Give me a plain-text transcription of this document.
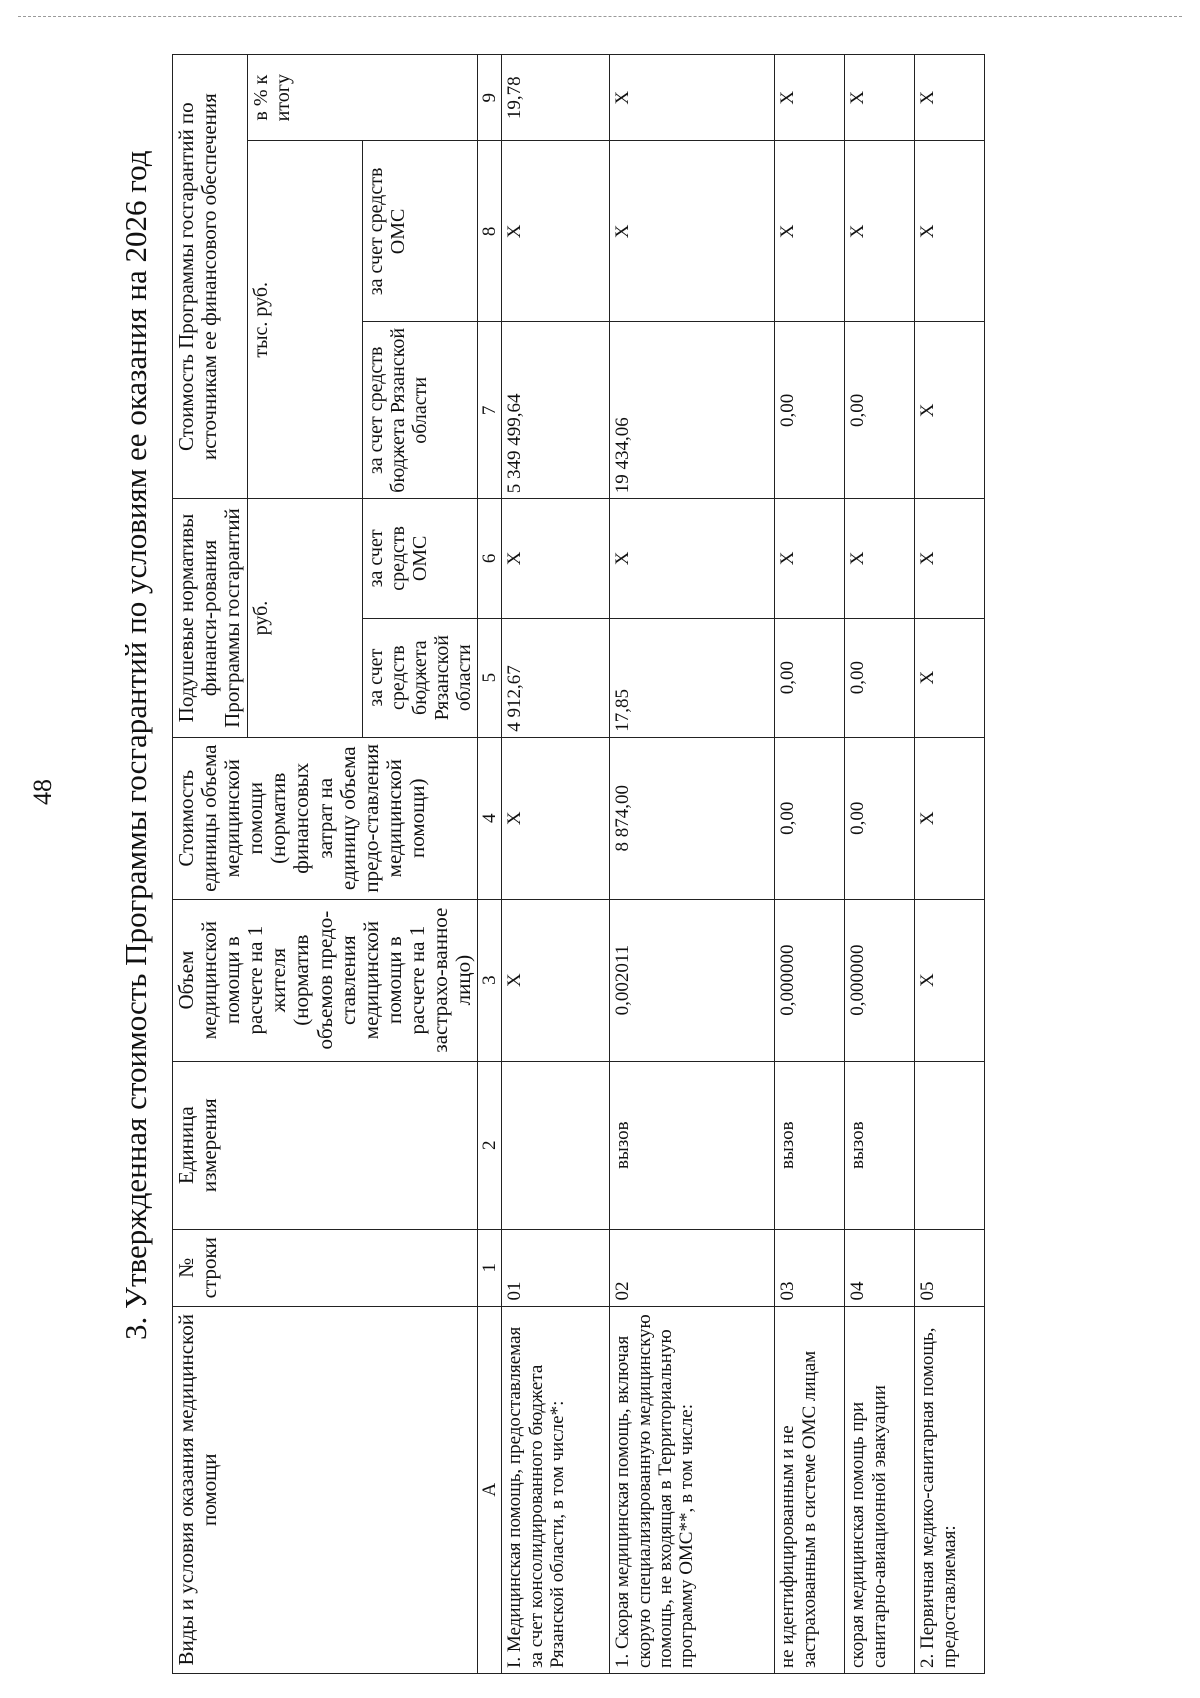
48 3. Утвержденная стоимость Программы госгарантий по условиям ее оказания на 2026 год
Виды и условия оказания медицинской помощи	№ строки	Единица измерения	Объем медицинской помощи в расчете на 1 жителя (норматив объемов предо-ставления медицинской помощи в расчете на 1 застрахо-ванное лицо)	Стоимость единицы объема медицинской помощи (норматив финансовых затрат на единицу объема предо-ставления медицинской помощи)	Подушевые нормативы финанси-рования Программы госгарантий		Стоимость Программы госгарантий по источникам ее финансового обеспечения		
					руб.		тыс. руб.		в % к итогу
					за счет средств бюджета Рязанской области	за счет средств ОМС	за счет средств бюджета Рязанской области	за счет средств ОМС	
А	1	2	3	4	5	6	7	8	9
I. Медицинская помощь, предоставляемая за счет консолидированного бюджета Рязанской области, в том числе*:	01		Х	Х	4 912,67	Х	5 349 499,64	Х	19,78
1. Скорая медицинская помощь, включая скорую специализированную медицинскую помощь, не входящая в Территориальную программу ОМС**, в том числе:	02	вызов	0,002011	8 874,00	17,85	Х	19 434,06	Х	Х
не идентифицированным и не застрахованным в системе ОМС лицам	03	вызов	0,000000	0,00	0,00	Х	0,00	Х	Х
скорая медицинская помощь при санитарно-авиационной эвакуации	04	вызов	0,000000	0,00	0,00	Х	0,00	Х	Х
2. Первичная медико-санитарная помощь, предоставляемая:	05		Х	Х	Х	Х	Х	Х	Х
